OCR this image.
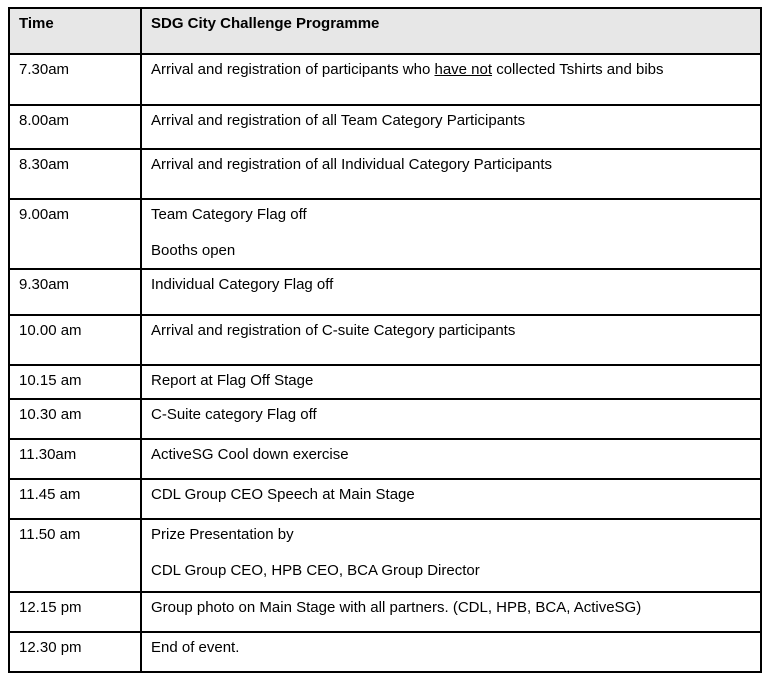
Time	SDG City Challenge Programme
7.30am	Arrival and registration of participants who have not collected Tshirts and bibs

8.00am	Arrival and registration of all Team Category Participants

8.30am	Arrival and registration of all Individual Category Participants

9.00am	Team Category Flag off
Booths open

9.30am	Individual Category Flag off

10.00 am	Arrival and registration of C-suite Category participants

10.15 am	Report at Flag Off Stage

10.30 am	C-Suite category Flag off

11.30am	ActiveSG Cool down exercise

11.45 am	CDL Group CEO Speech at Main Stage

11.50 am	Prize Presentation by
CDL Group CEO, HPB CEO, BCA Group Director

12.15 pm	Group photo on Main Stage with all partners. (CDL, HPB, BCA, ActiveSG)

12.30 pm	End of event.
